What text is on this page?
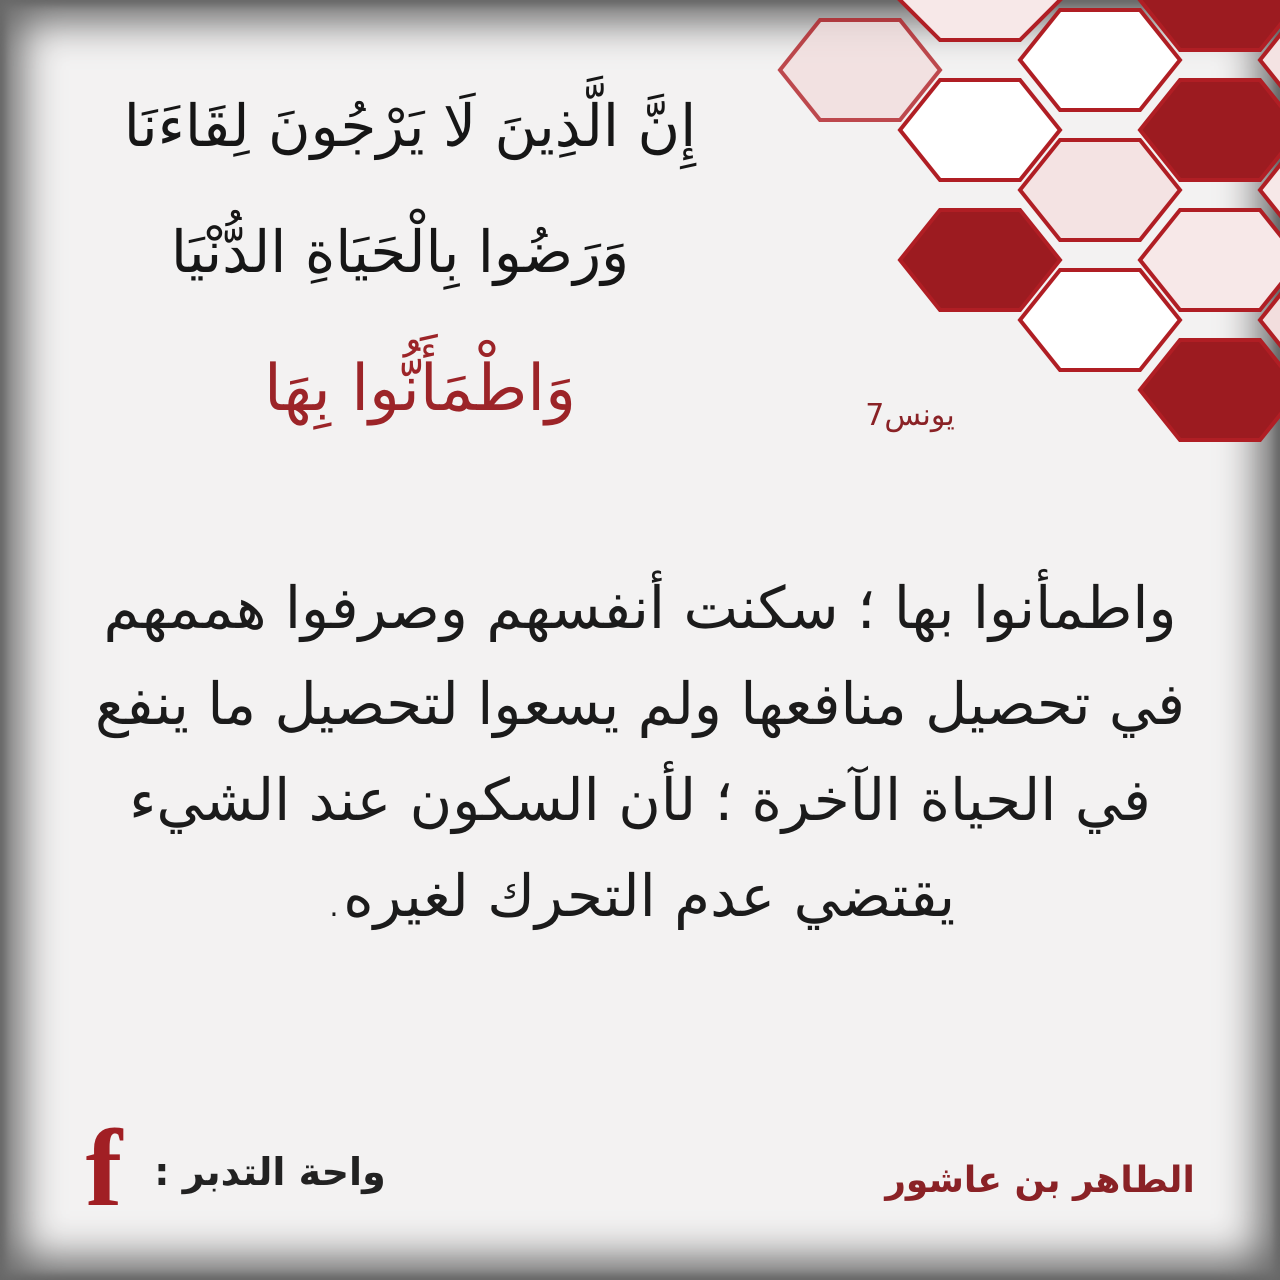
إِنَّ الَّذِينَ لَا يَرْجُونَ لِقَاءَنَا
وَرَضُوا بِالْحَيَاةِ الدُّنْيَا
وَاطْمَأَنُّوا بِهَا	يونس7
واطمأنوا بها ؛ سكنت أنفسهم وصرفوا هممهم في تحصيل منافعها ولم يسعوا لتحصيل ما ينفع في الحياة الآخرة ؛ لأن السكون عند الشيء يقتضي عدم التحرك لغيره.
f واحة التدبر :	الطاهر بن عاشور
